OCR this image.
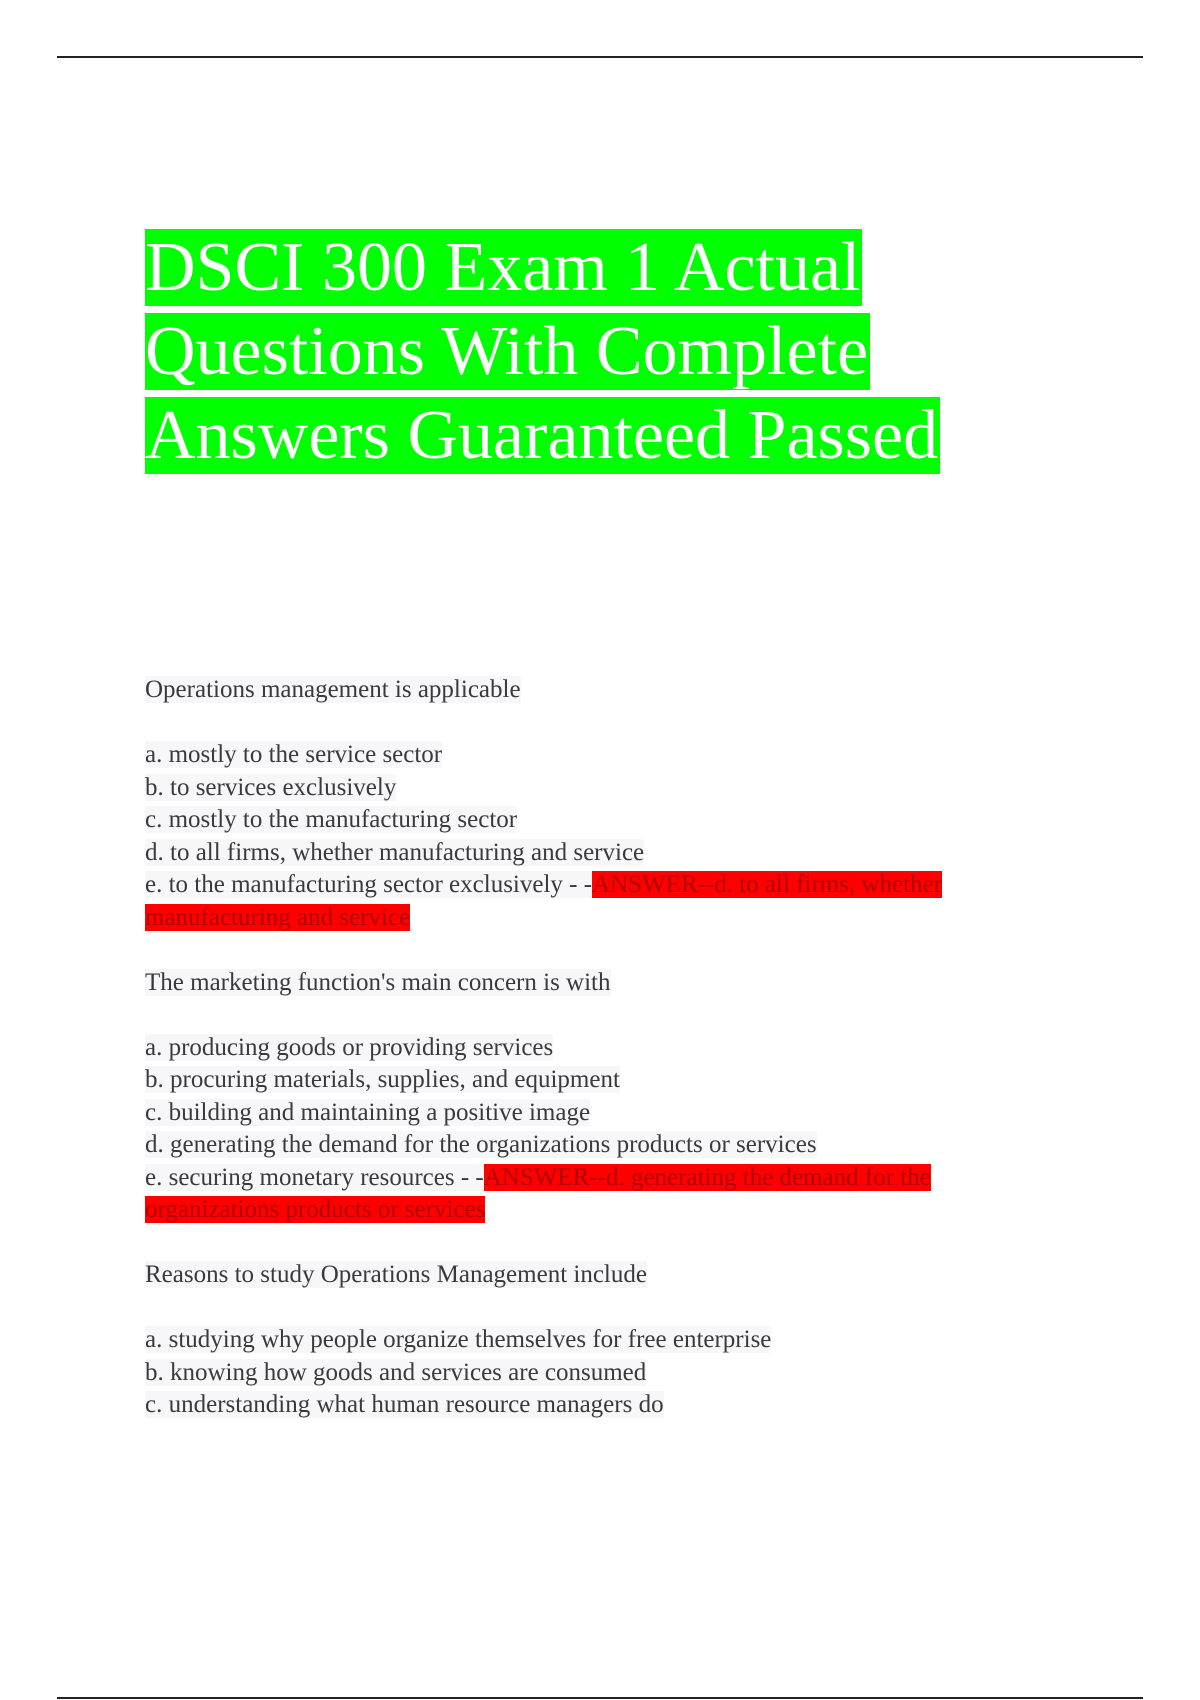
DSCI 300 Exam 1 Actual
Questions With Complete
Answers Guaranteed Passed
Operations management is applicable
a. mostly to the service sector
b. to services exclusively
c. mostly to the manufacturing sector
d. to all firms, whether manufacturing and service
e. to the manufacturing sector exclusively - -ANSWER--d. to all firms, whether
manufacturing and service
The marketing function's main concern is with
a. producing goods or providing services
b. procuring materials, supplies, and equipment
c. building and maintaining a positive image
d. generating the demand for the organizations products or services
e. securing monetary resources - -ANSWER--d. generating the demand for the
organizations products or services
Reasons to study Operations Management include
a. studying why people organize themselves for free enterprise
b. knowing how goods and services are consumed
c. understanding what human resource managers do
